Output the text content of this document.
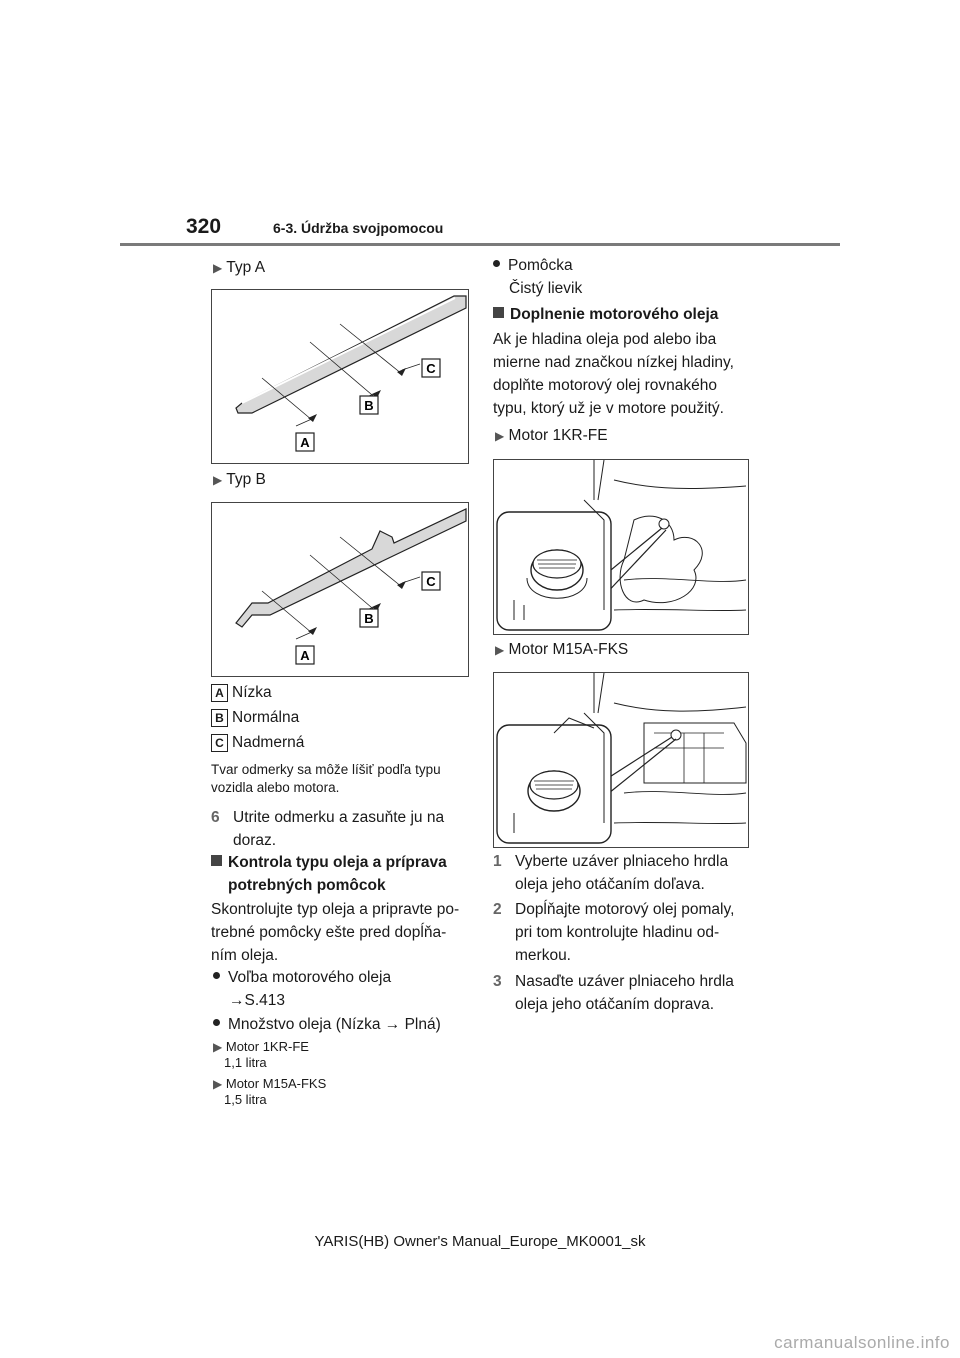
320	6-3. Údržba svojpomocou
▶ Typ A
C
B
A
▶ Typ B
C
B
A
A Nízka
B Normálna
C Nadmerná
Tvar odmerky sa môže líšiť podľa typu
vozidla alebo motora.
6 Utrite odmerku a zasuňte ju na
doraz.
Kontrola typu oleja a príprava
potrebných pomôcok
Skontrolujte typ oleja a pripravte po-
trebné pomôcky ešte pred dopĺňa-
ním oleja.
Voľba motorového oleja
→S.413
Množstvo oleja (Nízka → Plná)
▶ Motor 1KR-FE
1,1 litra
▶ Motor M15A-FKS
1,5 litra
Pomôcka
Čistý lievik
Doplnenie motorového oleja
Ak je hladina oleja pod alebo iba
mierne nad značkou nízkej hladiny,
doplňte motorový olej rovnakého
typu, ktorý už je v motore použitý.
▶ Motor 1KR-FE
▶ Motor M15A-FKS
1 Vyberte uzáver plniaceho hrdla
oleja jeho otáčaním doľava.
2 Dopĺňajte motorový olej pomaly,
pri tom kontrolujte hladinu od-
merkou.
3 Nasaďte uzáver plniaceho hrdla
oleja jeho otáčaním doprava.
YARIS(HB) Owner's Manual_Europe_MK0001_sk
carmanualsonline.info
